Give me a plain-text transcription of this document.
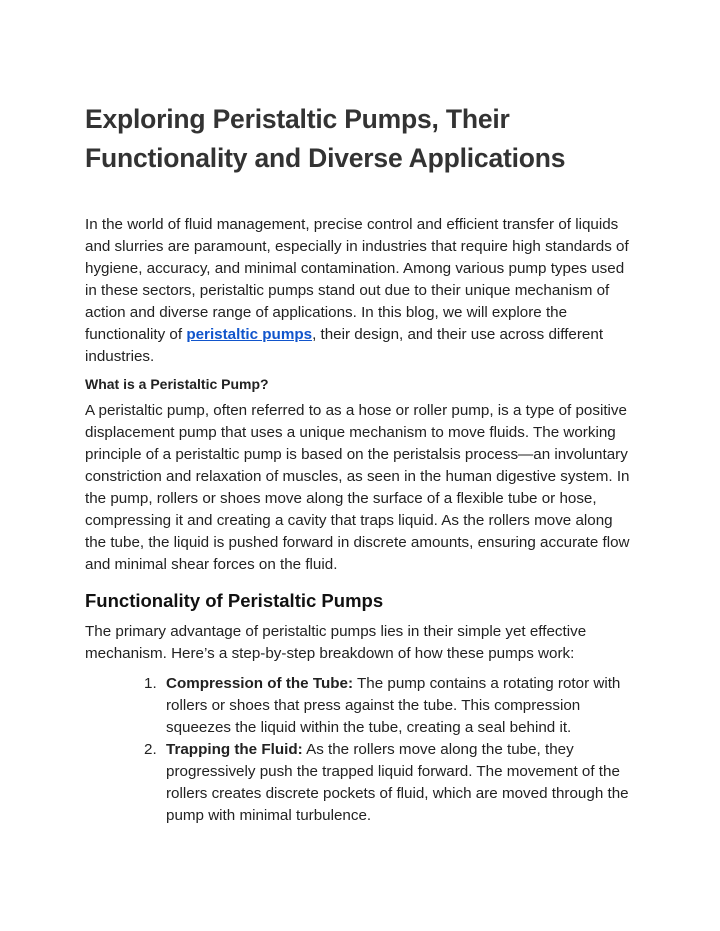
Exploring Peristaltic Pumps, Their Functionality and Diverse Applications

In the world of fluid management, precise control and efficient transfer of liquids and slurries are paramount, especially in industries that require high standards of hygiene, accuracy, and minimal contamination. Among various pump types used in these sectors, peristaltic pumps stand out due to their unique mechanism of action and diverse range of applications. In this blog, we will explore the functionality of peristaltic pumps, their design, and their use across different industries.

What is a Peristaltic Pump?

A peristaltic pump, often referred to as a hose or roller pump, is a type of positive displacement pump that uses a unique mechanism to move fluids. The working principle of a peristaltic pump is based on the peristalsis process—an involuntary constriction and relaxation of muscles, as seen in the human digestive system. In the pump, rollers or shoes move along the surface of a flexible tube or hose, compressing it and creating a cavity that traps liquid. As the rollers move along the tube, the liquid is pushed forward in discrete amounts, ensuring accurate flow and minimal shear forces on the fluid.

Functionality of Peristaltic Pumps

The primary advantage of peristaltic pumps lies in their simple yet effective mechanism. Here’s a step-by-step breakdown of how these pumps work:

1. Compression of the Tube: The pump contains a rotating rotor with rollers or shoes that press against the tube. This compression squeezes the liquid within the tube, creating a seal behind it.
2. Trapping the Fluid: As the rollers move along the tube, they progressively push the trapped liquid forward. The movement of the rollers creates discrete pockets of fluid, which are moved through the pump with minimal turbulence.
